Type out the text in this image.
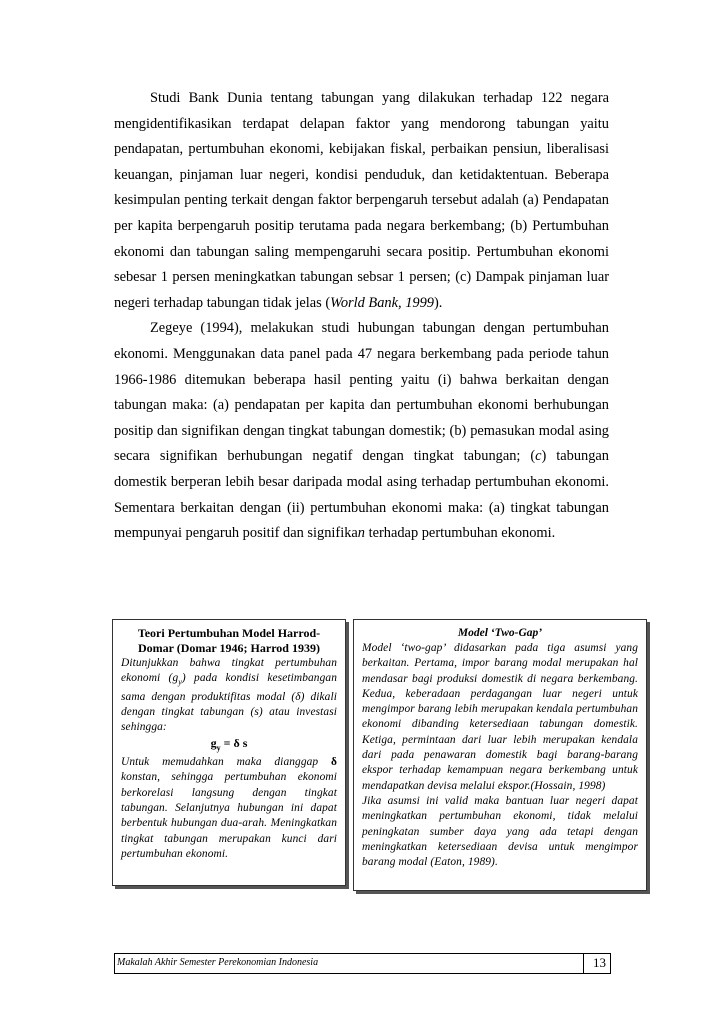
Studi Bank Dunia tentang tabungan yang dilakukan terhadap 122 negara mengidentifikasikan terdapat delapan faktor yang mendorong tabungan yaitu pendapatan, pertumbuhan ekonomi, kebijakan fiskal, perbaikan pensiun, liberalisasi keuangan, pinjaman luar negeri, kondisi penduduk, dan ketidaktentuan. Beberapa kesimpulan penting terkait dengan faktor berpengaruh tersebut adalah (a) Pendapatan per kapita berpengaruh positip terutama pada negara berkembang; (b) Pertumbuhan ekonomi dan tabungan saling mempengaruhi secara positip. Pertumbuhan ekonomi sebesar 1 persen meningkatkan tabungan sebsar 1 persen; (c) Dampak pinjaman luar negeri terhadap tabungan tidak jelas (World Bank, 1999).

Zegeye (1994), melakukan studi hubungan tabungan dengan pertumbuhan ekonomi. Menggunakan data panel pada 47 negara berkembang pada periode tahun 1966-1986 ditemukan beberapa hasil penting yaitu (i) bahwa berkaitan dengan tabungan maka: (a) pendapatan per kapita dan pertumbuhan ekonomi berhubungan positip dan signifikan dengan tingkat tabungan domestik; (b) pemasukan modal asing secara signifikan berhubungan negatif dengan tingkat tabungan; (c) tabungan domestik berperan lebih besar daripada modal asing terhadap pertumbuhan ekonomi. Sementara berkaitan dengan (ii) pertumbuhan ekonomi maka: (a) tingkat tabungan mempunyai pengaruh positif dan signifikan terhadap pertumbuhan ekonomi.

Teori Pertumbuhan Model Harrod-
Domar (Domar 1946; Harrod 1939)

Ditunjukkan bahwa tingkat pertumbuhan ekonomi $(g_y)$ pada kondisi kesetimbangan sama dengan produktifitas modal (δ) dikali dengan tingkat tabungan (s) atau investasi sehingga:

$g_y = \delta$ s

Untuk memudahkan maka dianggap δ konstan, sehingga pertumbuhan ekonomi berkorelasi langsung dengan tingkat tabungan. Selanjutnya hubungan ini dapat berbentuk hubungan dua-arah. Meningkatkan tingkat tabungan merupakan kunci dari pertumbuhan ekonomi.

Model ‘Two-Gap’

Model ‘two-gap’ didasarkan pada tiga asumsi yang berkaitan. Pertama, impor barang modal merupakan hal mendasar bagi produksi domestik di negara berkembang. Kedua, keberadaan perdagangan luar negeri untuk mengimpor barang lebih merupakan kendala pertumbuhan ekonomi dibanding ketersediaan tabungan domestik. Ketiga, permintaan dari luar lebih merupakan kendala dari pada penawaran domestik bagi barang-barang ekspor terhadap kemampuan negara berkembang untuk mendapatkan devisa melalui ekspor.(Hossain, 1998)

Jika asumsi ini valid maka bantuan luar negeri dapat meningkatkan pertumbuhan ekonomi, tidak melalui peningkatan sumber daya yang ada tetapi dengan meningkatkan ketersediaan devisa untuk mengimpor barang modal (Eaton, 1989).

Makalah Akhir Semester Perekonomian Indonesia	13
